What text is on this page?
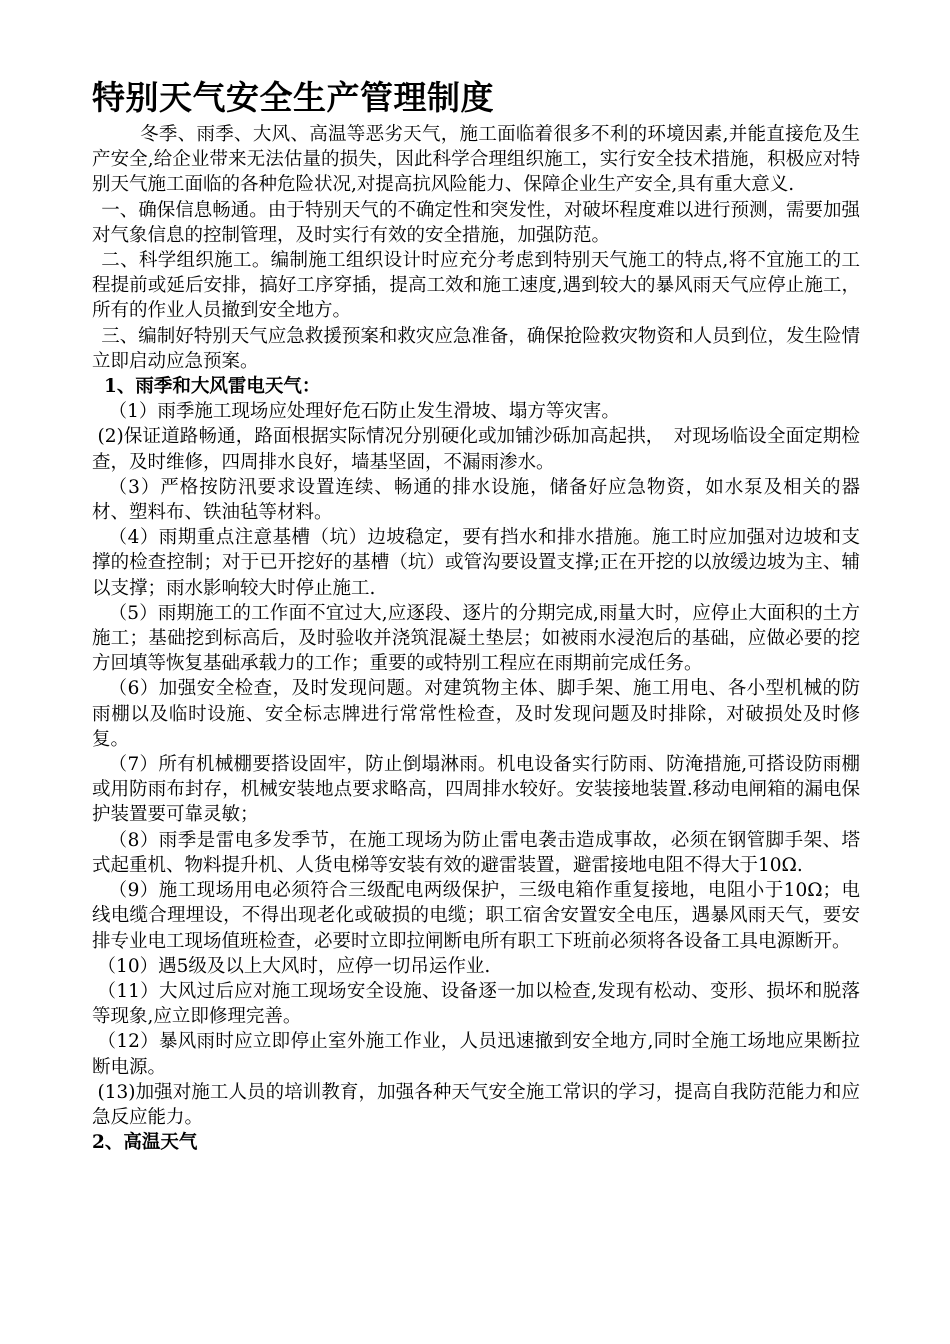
特别天气安全生产管理制度

冬季、雨季、大风、高温等恶劣天气，施工面临着很多不利的环境因素,并能直接危及生产安全,给企业带来无法估量的损失，因此科学合理组织施工，实行安全技术措施，积极应对特别天气施工面临的各种危险状况,对提高抗风险能力、保障企业生产安全,具有重大意义.

一、确保信息畅通。由于特别天气的不确定性和突发性，对破坏程度难以进行预测，需要加强对气象信息的控制管理，及时实行有效的安全措施，加强防范。

二、科学组织施工。编制施工组织设计时应充分考虑到特别天气施工的特点,将不宜施工的工程提前或延后安排，搞好工序穿插，提高工效和施工速度,遇到较大的暴风雨天气应停止施工，所有的作业人员撤到安全地方。

三、编制好特别天气应急救援预案和救灾应急准备，确保抢险救灾物资和人员到位，发生险情立即启动应急预案。

1、雨季和大风雷电天气：

（1）雨季施工现场应处理好危石防止发生滑坡、塌方等灾害。

(2)保证道路畅通，路面根据实际情况分别硬化或加铺沙砾加高起拱，　对现场临设全面定期检查，及时维修，四周排水良好，墙基坚固，不漏雨渗水。

（3）严格按防汛要求设置连续、畅通的排水设施，储备好应急物资，如水泵及相关的器材、塑料布、铁油毡等材料。

（4）雨期重点注意基槽（坑）边坡稳定，要有挡水和排水措施。施工时应加强对边坡和支撑的检查控制；对于已开挖好的基槽（坑）或管沟要设置支撑;正在开挖的以放缓边坡为主、辅以支撑；雨水影响较大时停止施工.

（5）雨期施工的工作面不宜过大,应逐段、逐片的分期完成,雨量大时，应停止大面积的土方施工；基础挖到标高后，及时验收并浇筑混凝土垫层；如被雨水浸泡后的基础，应做必要的挖方回填等恢复基础承载力的工作；重要的或特别工程应在雨期前完成任务。

（6）加强安全检查，及时发现问题。对建筑物主体、脚手架、施工用电、各小型机械的防雨棚以及临时设施、安全标志牌进行常常性检查，及时发现问题及时排除，对破损处及时修复。

（7）所有机械棚要搭设固牢，防止倒塌淋雨。机电设备实行防雨、防淹措施,可搭设防雨棚或用防雨布封存，机械安装地点要求略高，四周排水较好。安装接地装置.移动电闸箱的漏电保护装置要可靠灵敏；

（8）雨季是雷电多发季节，在施工现场为防止雷电袭击造成事故，必须在钢管脚手架、塔式起重机、物料提升机、人货电梯等安装有效的避雷装置，避雷接地电阻不得大于10Ω.

（9）施工现场用电必须符合三级配电两级保护，三级电箱作重复接地，电阻小于10Ω；电线电缆合理埋设，不得出现老化或破损的电缆；职工宿舍安置安全电压，遇暴风雨天气，要安排专业电工现场值班检查，必要时立即拉闸断电所有职工下班前必须将各设备工具电源断开。

（10）遇5级及以上大风时，应停一切吊运作业.

（11）大风过后应对施工现场安全设施、设备逐一加以检查,发现有松动、变形、损坏和脱落等现象,应立即修理完善。

（12）暴风雨时应立即停止室外施工作业，人员迅速撤到安全地方,同时全施工场地应果断拉断电源。

(13)加强对施工人员的培训教育，加强各种天气安全施工常识的学习，提高自我防范能力和应急反应能力。

2、高温天气
